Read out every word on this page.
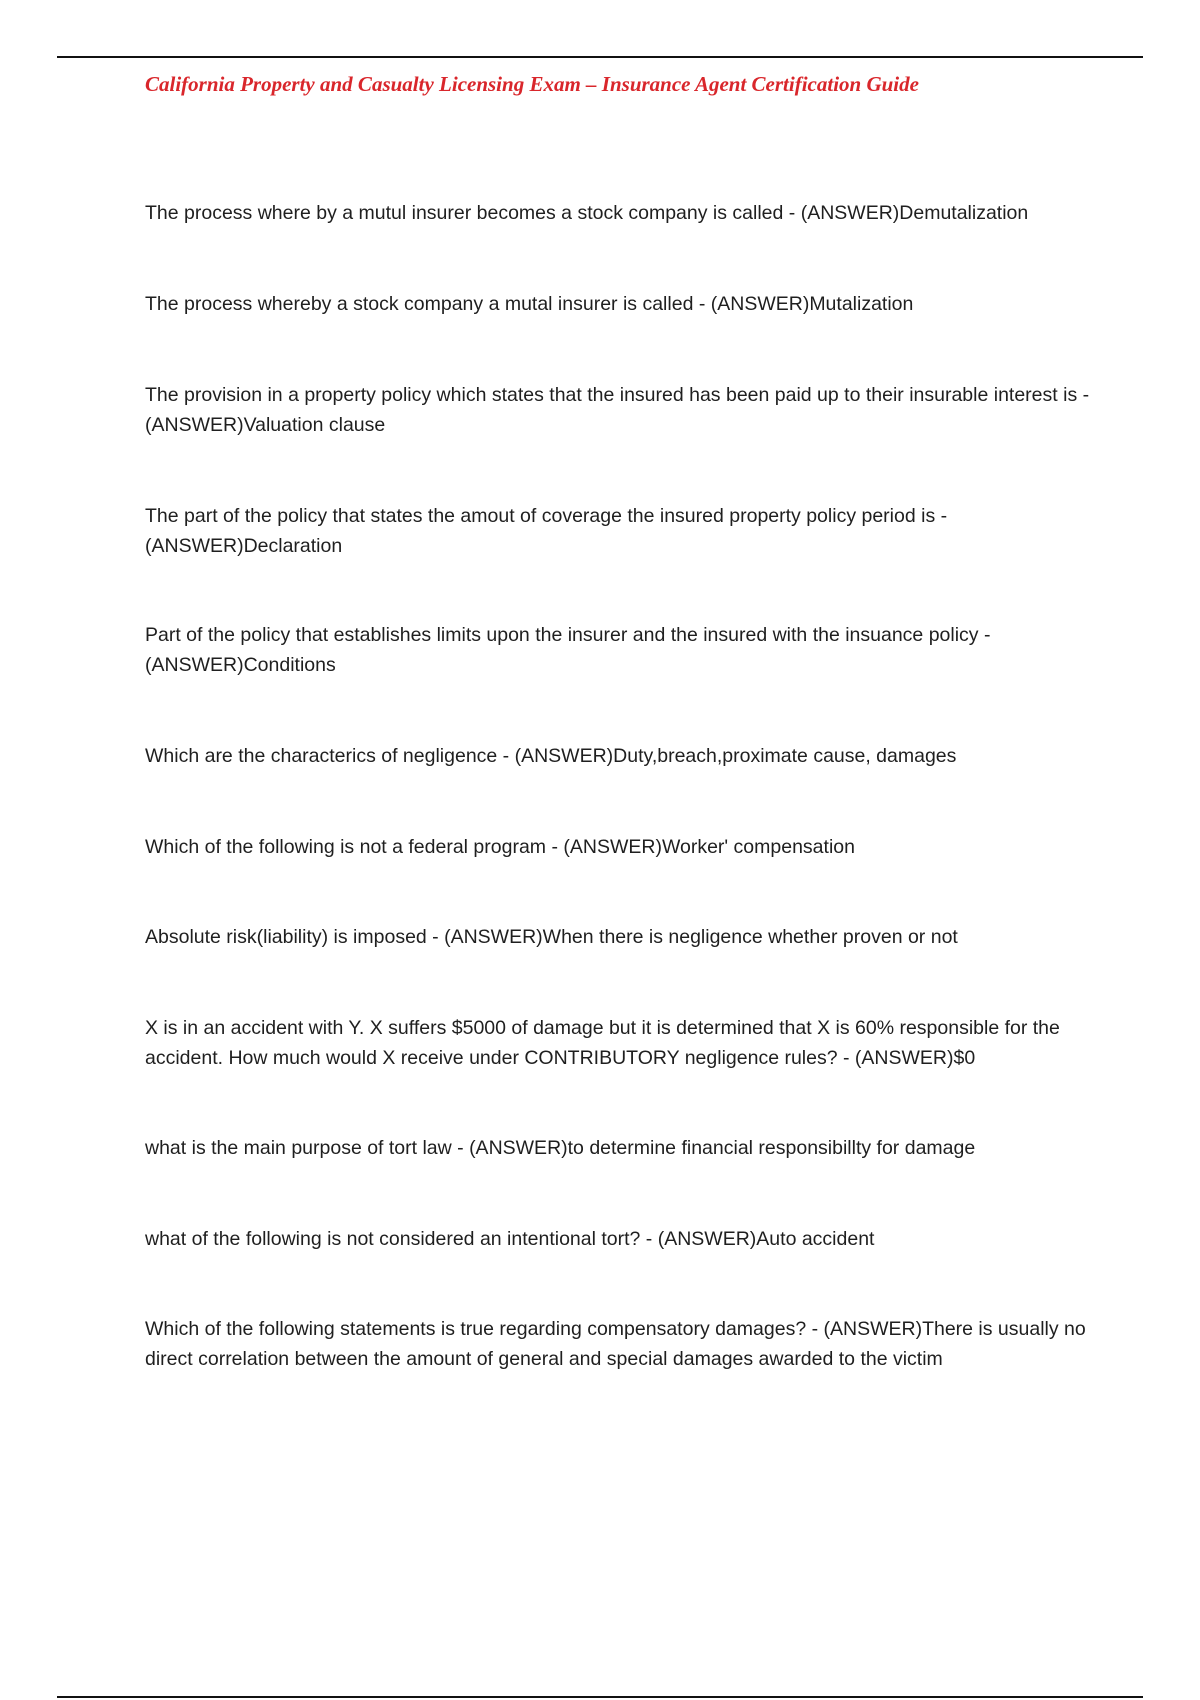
California Property and Casualty Licensing Exam – Insurance Agent Certification Guide

The process where by a mutul insurer becomes a stock company is called - (ANSWER)Demutalization

The process whereby a stock company a mutal insurer is called - (ANSWER)Mutalization

The provision in a property policy which states that the insured has been paid up to their insurable interest is - (ANSWER)Valuation clause

The part of the policy that states the amout of coverage the insured property policy period is - (ANSWER)Declaration

Part of the policy that establishes limits upon the insurer and the insured with the insuance policy - (ANSWER)Conditions

Which are the characterics of negligence - (ANSWER)Duty,breach,proximate cause, damages

Which of the following is not a federal program - (ANSWER)Worker' compensation

Absolute risk(liability) is imposed - (ANSWER)When there is negligence whether proven or not

X is in an accident with Y. X suffers $5000 of damage but it is determined that X is 60% responsible for the accident. How much would X receive under CONTRIBUTORY negligence rules? - (ANSWER)$0

what is the main purpose of tort law - (ANSWER)to determine financial responsibillty for damage

what of the following is not considered an intentional tort? - (ANSWER)Auto accident

Which of the following statements is true regarding compensatory damages? - (ANSWER)There is usually no direct correlation between the amount of general and special damages awarded to the victim
